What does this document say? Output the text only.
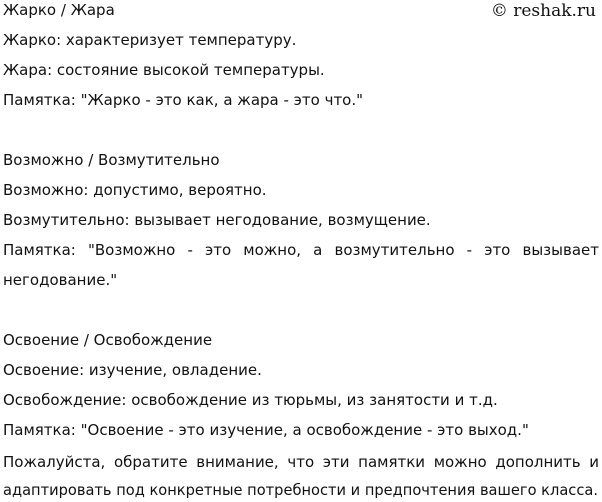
© reshak.ru
Жарко / Жара
Жарко: характеризует температуру.
Жара: состояние высокой температуры.
Памятка: "Жарко - это как, а жара - это что."
Возможно / Возмутительно
Возможно: допустимо, вероятно.
Возмутительно: вызывает негодование, возмущение.
Памятка: "Возможно - это можно, а возмутительно - это вызывает
негодование."
Освоение / Освобождение
Освоение: изучение, овладение.
Освобождение: освобождение из тюрьмы, из занятости и т.д.
Памятка: "Освоение - это изучение, а освобождение - это выход."
Пожалуйста, обратите внимание, что эти памятки можно дополнить и
адаптировать под конкретные потребности и предпочтения вашего класса.
